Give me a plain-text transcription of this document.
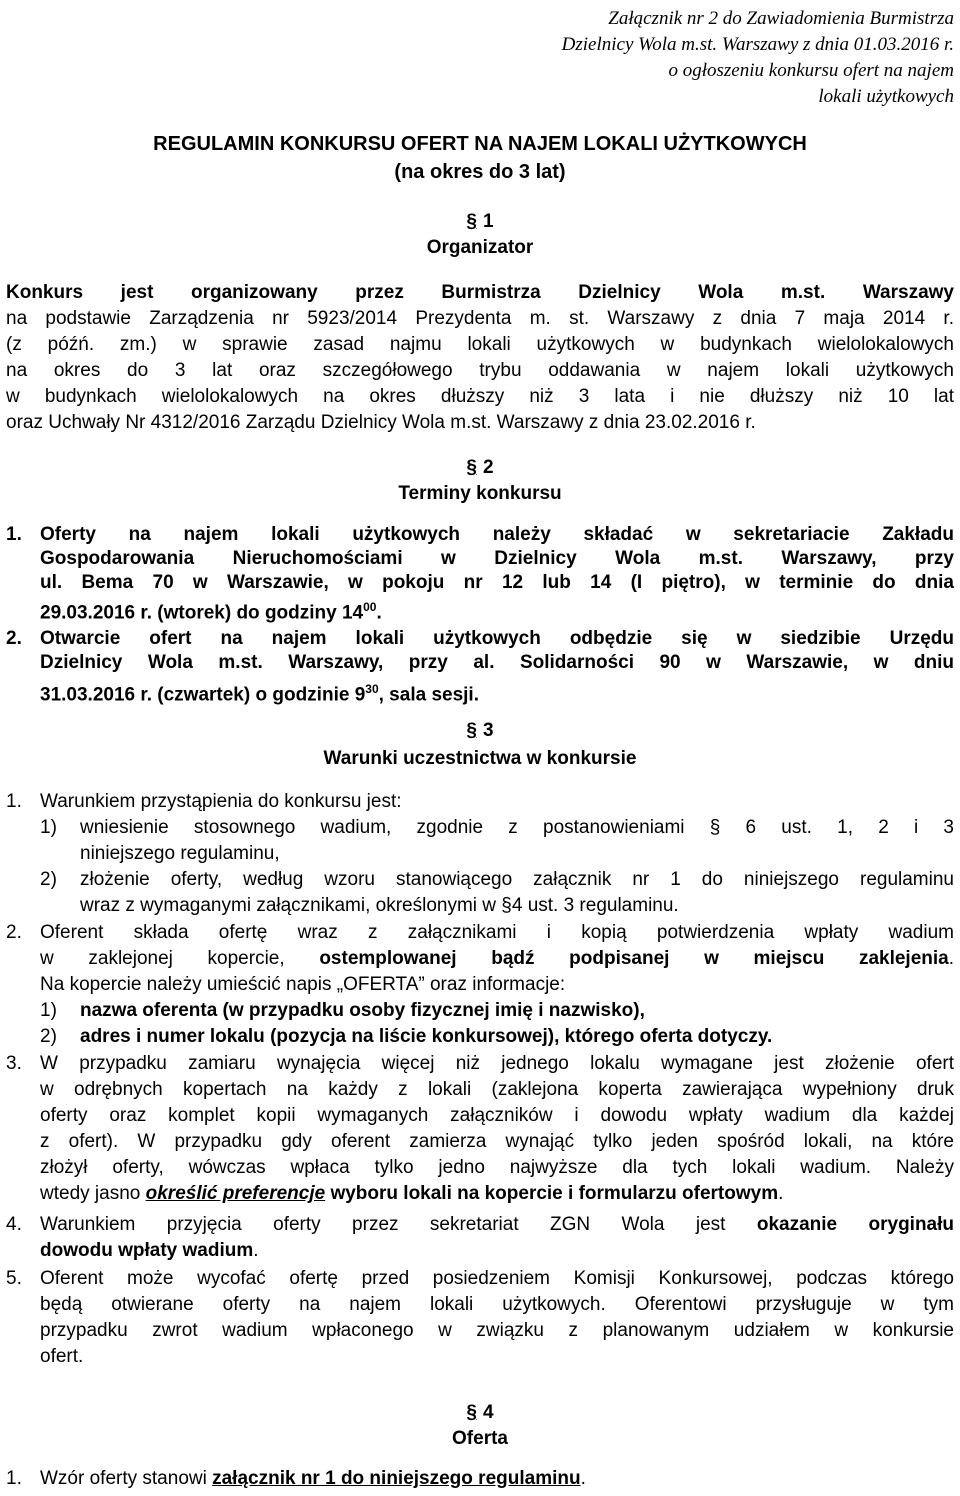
Załącznik nr 2 do Zawiadomienia Burmistrza
Dzielnicy Wola m.st. Warszawy z dnia 01.03.2016 r.
o ogłoszeniu konkursu ofert na najem
lokali użytkowych
REGULAMIN KONKURSU OFERT NA NAJEM LOKALI UŻYTKOWYCH
(na okres do 3 lat)
§ 1
Organizator
Konkurs jest organizowany przez Burmistrza Dzielnicy Wola m.st. Warszawy
na podstawie Zarządzenia nr 5923/2014 Prezydenta m. st. Warszawy z dnia 7 maja 2014 r.
(z późń. zm.) w sprawie zasad najmu lokali użytkowych w budynkach wielolokalowych
na okres do 3 lat oraz szczegółowego trybu oddawania w najem lokali użytkowych
w budynkach wielolokalowych na okres dłuższy niż 3 lata i nie dłuższy niż 10 lat
oraz Uchwały Nr 4312/2016 Zarządu Dzielnicy Wola m.st. Warszawy z dnia 23.02.2016 r.
§ 2
Terminy konkursu
1. Oferty na najem lokali użytkowych należy składać w sekretariacie Zakładu
Gospodarowania Nieruchomościami w Dzielnicy Wola m.st. Warszawy, przy
ul. Bema 70 w Warszawie, w pokoju nr 12 lub 14 (I piętro), w terminie do dnia
29.03.2016 r. (wtorek) do godziny $14^{00}$.
2. Otwarcie ofert na najem lokali użytkowych odbędzie się w siedzibie Urzędu
Dzielnicy Wola m.st. Warszawy, przy al. Solidarności 90 w Warszawie, w dniu
31.03.2016 r. (czwartek) o godzinie $9^{30}$, sala sesji.
§ 3
Warunki uczestnictwa w konkursie
1. Warunkiem przystąpienia do konkursu jest:
1) wniesienie stosownego wadium, zgodnie z postanowieniami § 6 ust. 1, 2 i 3
niniejszego regulaminu,
2) złożenie oferty, według wzoru stanowiącego załącznik nr 1 do niniejszego regulaminu
wraz z wymaganymi załącznikami, określonymi w §4 ust. 3 regulaminu.
2. Oferent składa ofertę wraz z załącznikami i kopią potwierdzenia wpłaty wadium
w zaklejonej kopercie, ostemplowanej bądź podpisanej w miejscu zaklejenia.
Na kopercie należy umieścić napis „OFERTA” oraz informacje:
1) nazwa oferenta (w przypadku osoby fizycznej imię i nazwisko),
2) adres i numer lokalu (pozycja na liście konkursowej), którego oferta dotyczy.
3. W przypadku zamiaru wynajęcia więcej niż jednego lokalu wymagane jest złożenie ofert
w odrębnych kopertach na każdy z lokali (zaklejona koperta zawierająca wypełniony druk
oferty oraz komplet kopii wymaganych załączników i dowodu wpłaty wadium dla każdej
z ofert). W przypadku gdy oferent zamierza wynająć tylko jeden spośród lokali, na które
złożył oferty, wówczas wpłaca tylko jedno najwyższe dla tych lokali wadium. Należy
wtedy jasno określić preferencje wyboru lokali na kopercie i formularzu ofertowym.
4. Warunkiem przyjęcia oferty przez sekretariat ZGN Wola jest okazanie oryginału
dowodu wpłaty wadium.
5. Oferent może wycofać ofertę przed posiedzeniem Komisji Konkursowej, podczas którego
będą otwierane oferty na najem lokali użytkowych. Oferentowi przysługuje w tym
przypadku zwrot wadium wpłaconego w związku z planowanym udziałem w konkursie
ofert.
§ 4
Oferta
1. Wzór oferty stanowi załącznik nr 1 do niniejszego regulaminu.
